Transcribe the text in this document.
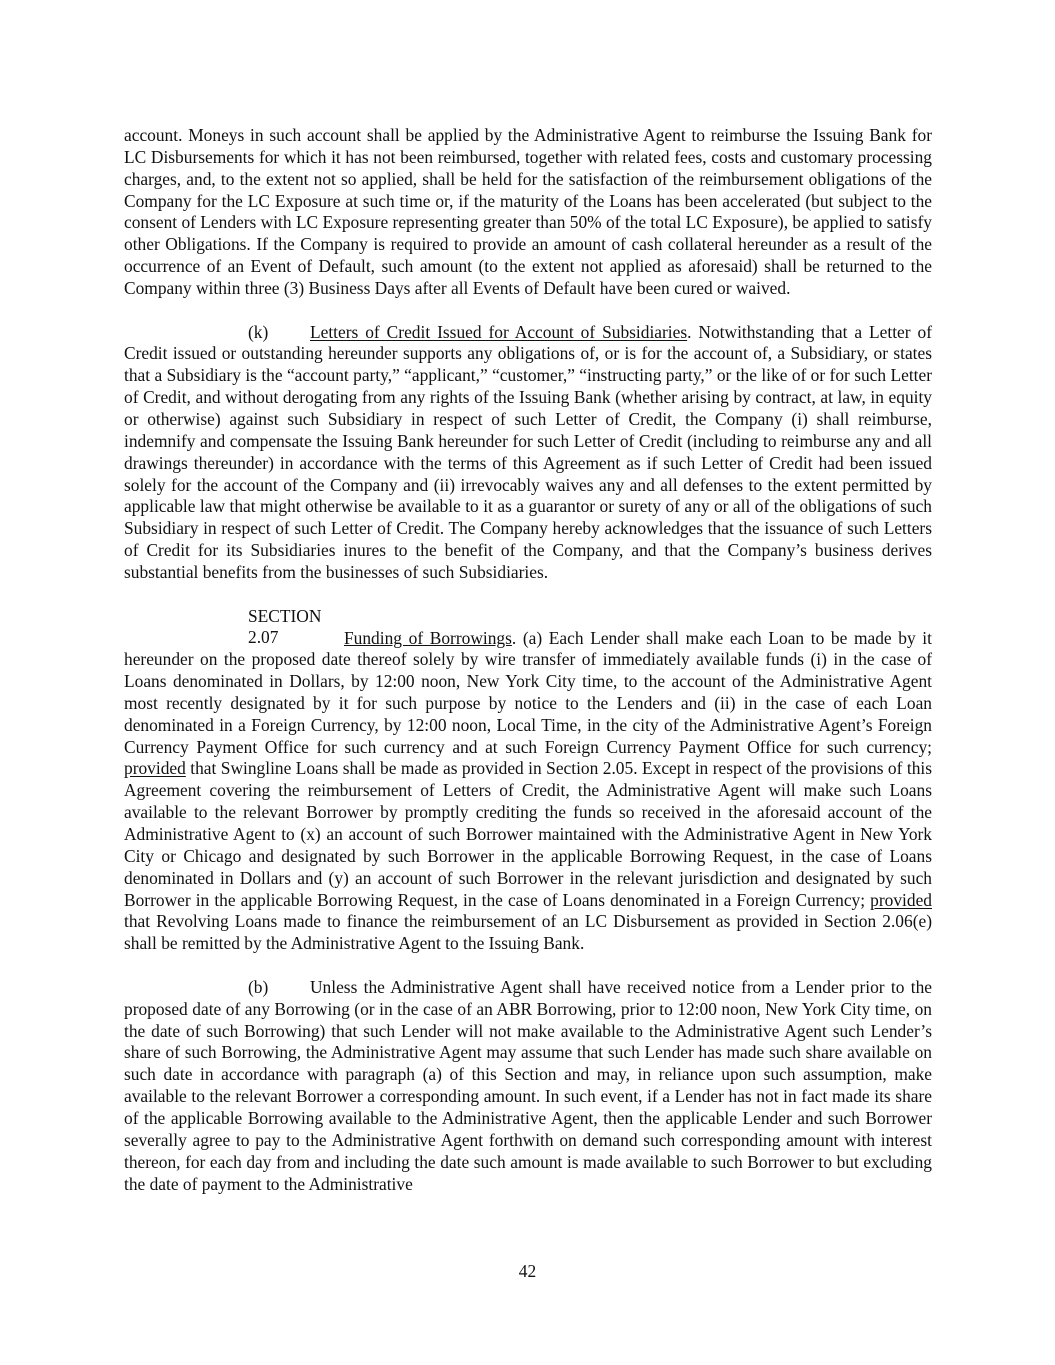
account. Moneys in such account shall be applied by the Administrative Agent to reimburse the Issuing Bank for LC Disbursements for which it has not been reimbursed, together with related fees, costs and customary processing charges, and, to the extent not so applied, shall be held for the satisfaction of the reimbursement obligations of the Company for the LC Exposure at such time or, if the maturity of the Loans has been accelerated (but subject to the consent of Lenders with LC Exposure representing greater than 50% of the total LC Exposure), be applied to satisfy other Obligations. If the Company is required to provide an amount of cash collateral hereunder as a result of the occurrence of an Event of Default, such amount (to the extent not applied as aforesaid) shall be returned to the Company within three (3) Business Days after all Events of Default have been cured or waived.

(k) Letters of Credit Issued for Account of Subsidiaries. Notwithstanding that a Letter of Credit issued or outstanding hereunder supports any obligations of, or is for the account of, a Subsidiary, or states that a Subsidiary is the “account party,” “applicant,” “customer,” “instructing party,” or the like of or for such Letter of Credit, and without derogating from any rights of the Issuing Bank (whether arising by contract, at law, in equity or otherwise) against such Subsidiary in respect of such Letter of Credit, the Company (i) shall reimburse, indemnify and compensate the Issuing Bank hereunder for such Letter of Credit (including to reimburse any and all drawings thereunder) in accordance with the terms of this Agreement as if such Letter of Credit had been issued solely for the account of the Company and (ii) irrevocably waives any and all defenses to the extent permitted by applicable law that might otherwise be available to it as a guarantor or surety of any or all of the obligations of such Subsidiary in respect of such Letter of Credit. The Company hereby acknowledges that the issuance of such Letters of Credit for its Subsidiaries inures to the benefit of the Company, and that the Company’s business derives substantial benefits from the businesses of such Subsidiaries.

SECTION 2.07	Funding of Borrowings. (a) Each Lender shall make each Loan to be made by it hereunder on the proposed date thereof solely by wire transfer of immediately available funds (i) in the case of Loans denominated in Dollars, by 12:00 noon, New York City time, to the account of the Administrative Agent most recently designated by it for such purpose by notice to the Lenders and (ii) in the case of each Loan denominated in a Foreign Currency, by 12:00 noon, Local Time, in the city of the Administrative Agent’s Foreign Currency Payment Office for such currency and at such Foreign Currency Payment Office for such currency; provided that Swingline Loans shall be made as provided in Section 2.05. Except in respect of the provisions of this Agreement covering the reimbursement of Letters of Credit, the Administrative Agent will make such Loans available to the relevant Borrower by promptly crediting the funds so received in the aforesaid account of the Administrative Agent to (x) an account of such Borrower maintained with the Administrative Agent in New York City or Chicago and designated by such Borrower in the applicable Borrowing Request, in the case of Loans denominated in Dollars and (y) an account of such Borrower in the relevant jurisdiction and designated by such Borrower in the applicable Borrowing Request, in the case of Loans denominated in a Foreign Currency; provided that Revolving Loans made to finance the reimbursement of an LC Disbursement as provided in Section 2.06(e) shall be remitted by the Administrative Agent to the Issuing Bank.

(b) Unless the Administrative Agent shall have received notice from a Lender prior to the proposed date of any Borrowing (or in the case of an ABR Borrowing, prior to 12:00 noon, New York City time, on the date of such Borrowing) that such Lender will not make available to the Administrative Agent such Lender’s share of such Borrowing, the Administrative Agent may assume that such Lender has made such share available on such date in accordance with paragraph (a) of this Section and may, in reliance upon such assumption, make available to the relevant Borrower a corresponding amount. In such event, if a Lender has not in fact made its share of the applicable Borrowing available to the Administrative Agent, then the applicable Lender and such Borrower severally agree to pay to the Administrative Agent forthwith on demand such corresponding amount with interest thereon, for each day from and including the date such amount is made available to such Borrower to but excluding the date of payment to the Administrative

42
